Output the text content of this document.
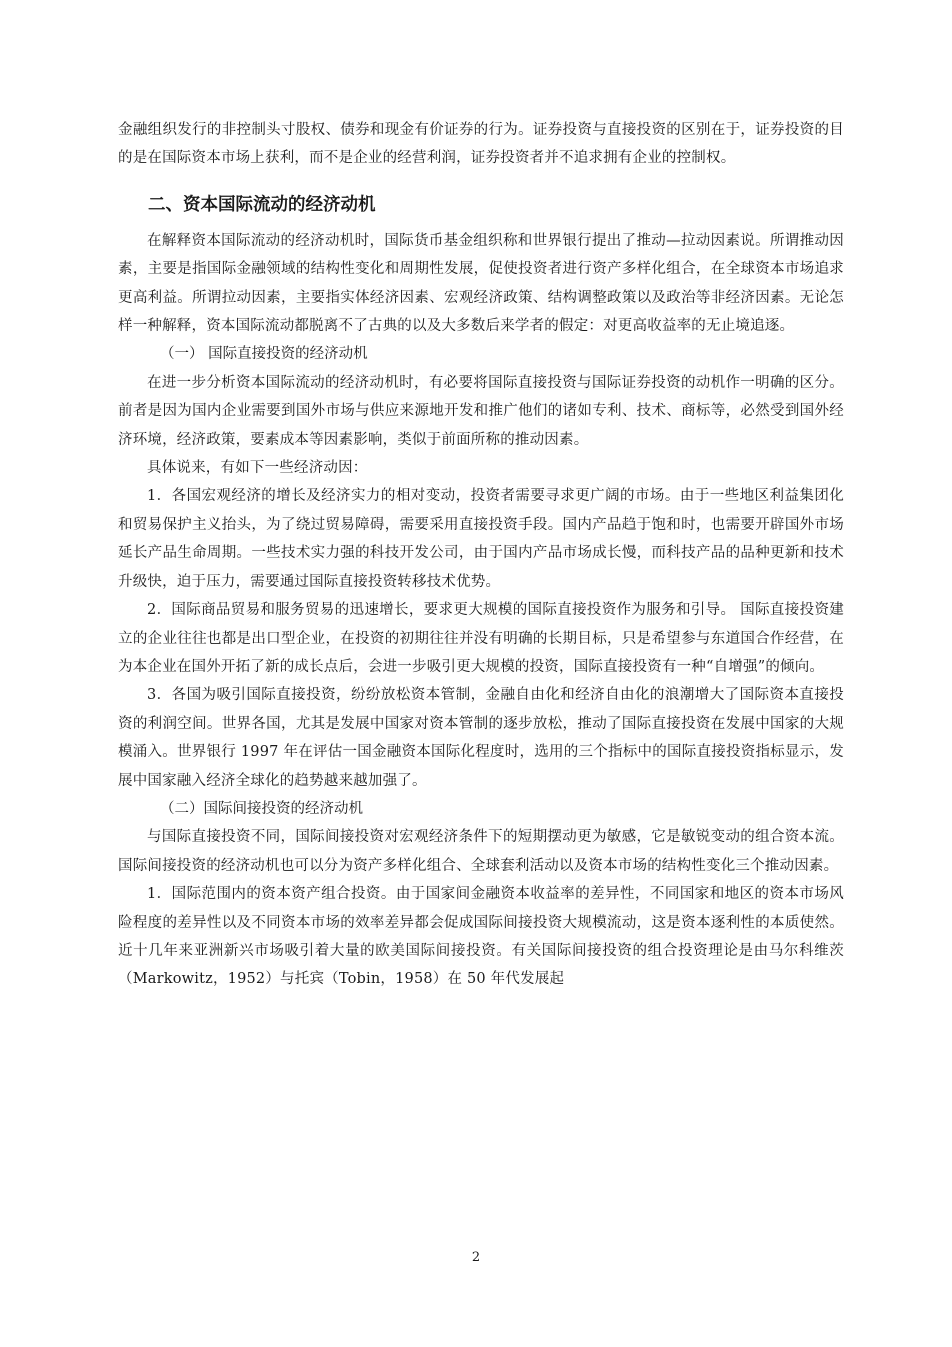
金融组织发行的非控制头寸股权、债券和现金有价证券的行为。证券投资与直接投资的区别在于，证券投资的目的是在国际资本市场上获利，而不是企业的经营利润，证券投资者并不追求拥有企业的控制权。

二、资本国际流动的经济动机

在解释资本国际流动的经济动机时，国际货币基金组织称和世界银行提出了推动—拉动因素说。所谓推动因素，主要是指国际金融领域的结构性变化和周期性发展，促使投资者进行资产多样化组合，在全球资本市场追求更高利益。所谓拉动因素，主要指实体经济因素、宏观经济政策、结构调整政策以及政治等非经济因素。无论怎样一种解释，资本国际流动都脱离不了古典的以及大多数后来学者的假定：对更高收益率的无止境追逐。

（一） 国际直接投资的经济动机

在进一步分析资本国际流动的经济动机时，有必要将国际直接投资与国际证券投资的动机作一明确的区分。前者是因为国内企业需要到国外市场与供应来源地开发和推广他们的诸如专利、技术、商标等，必然受到国外经济环境，经济政策，要素成本等因素影响，类似于前面所称的推动因素。

具体说来，有如下一些经济动因：

1．各国宏观经济的增长及经济实力的相对变动，投资者需要寻求更广阔的市场。由于一些地区利益集团化和贸易保护主义抬头，为了绕过贸易障碍，需要采用直接投资手段。国内产品趋于饱和时，也需要开辟国外市场延长产品生命周期。一些技术实力强的科技开发公司，由于国内产品市场成长慢，而科技产品的品种更新和技术升级快，迫于压力，需要通过国际直接投资转移技术优势。

2．国际商品贸易和服务贸易的迅速增长，要求更大规模的国际直接投资作为服务和引导。 国际直接投资建立的企业往往也都是出口型企业，在投资的初期往往并没有明确的长期目标，只是希望参与东道国合作经营，在为本企业在国外开拓了新的成长点后，会进一步吸引更大规模的投资，国际直接投资有一种“自增强”的倾向。

3．各国为吸引国际直接投资，纷纷放松资本管制，金融自由化和经济自由化的浪潮增大了国际资本直接投资的利润空间。世界各国，尤其是发展中国家对资本管制的逐步放松，推动了国际直接投资在发展中国家的大规模涌入。世界银行 1997 年在评估一国金融资本国际化程度时，选用的三个指标中的国际直接投资指标显示，发展中国家融入经济全球化的趋势越来越加强了。

（二）国际间接投资的经济动机

与国际直接投资不同，国际间接投资对宏观经济条件下的短期摆动更为敏感，它是敏锐变动的组合资本流。国际间接投资的经济动机也可以分为资产多样化组合、全球套利活动以及资本市场的结构性变化三个推动因素。

1．国际范围内的资本资产组合投资。由于国家间金融资本收益率的差异性，不同国家和地区的资本市场风险程度的差异性以及不同资本市场的效率差异都会促成国际间接投资大规模流动，这是资本逐利性的本质使然。近十几年来亚洲新兴市场吸引着大量的欧美国际间接投资。有关国际间接投资的组合投资理论是由马尔科维茨（Markowitz，1952）与托宾（Tobin，1958）在 50 年代发展起

2
